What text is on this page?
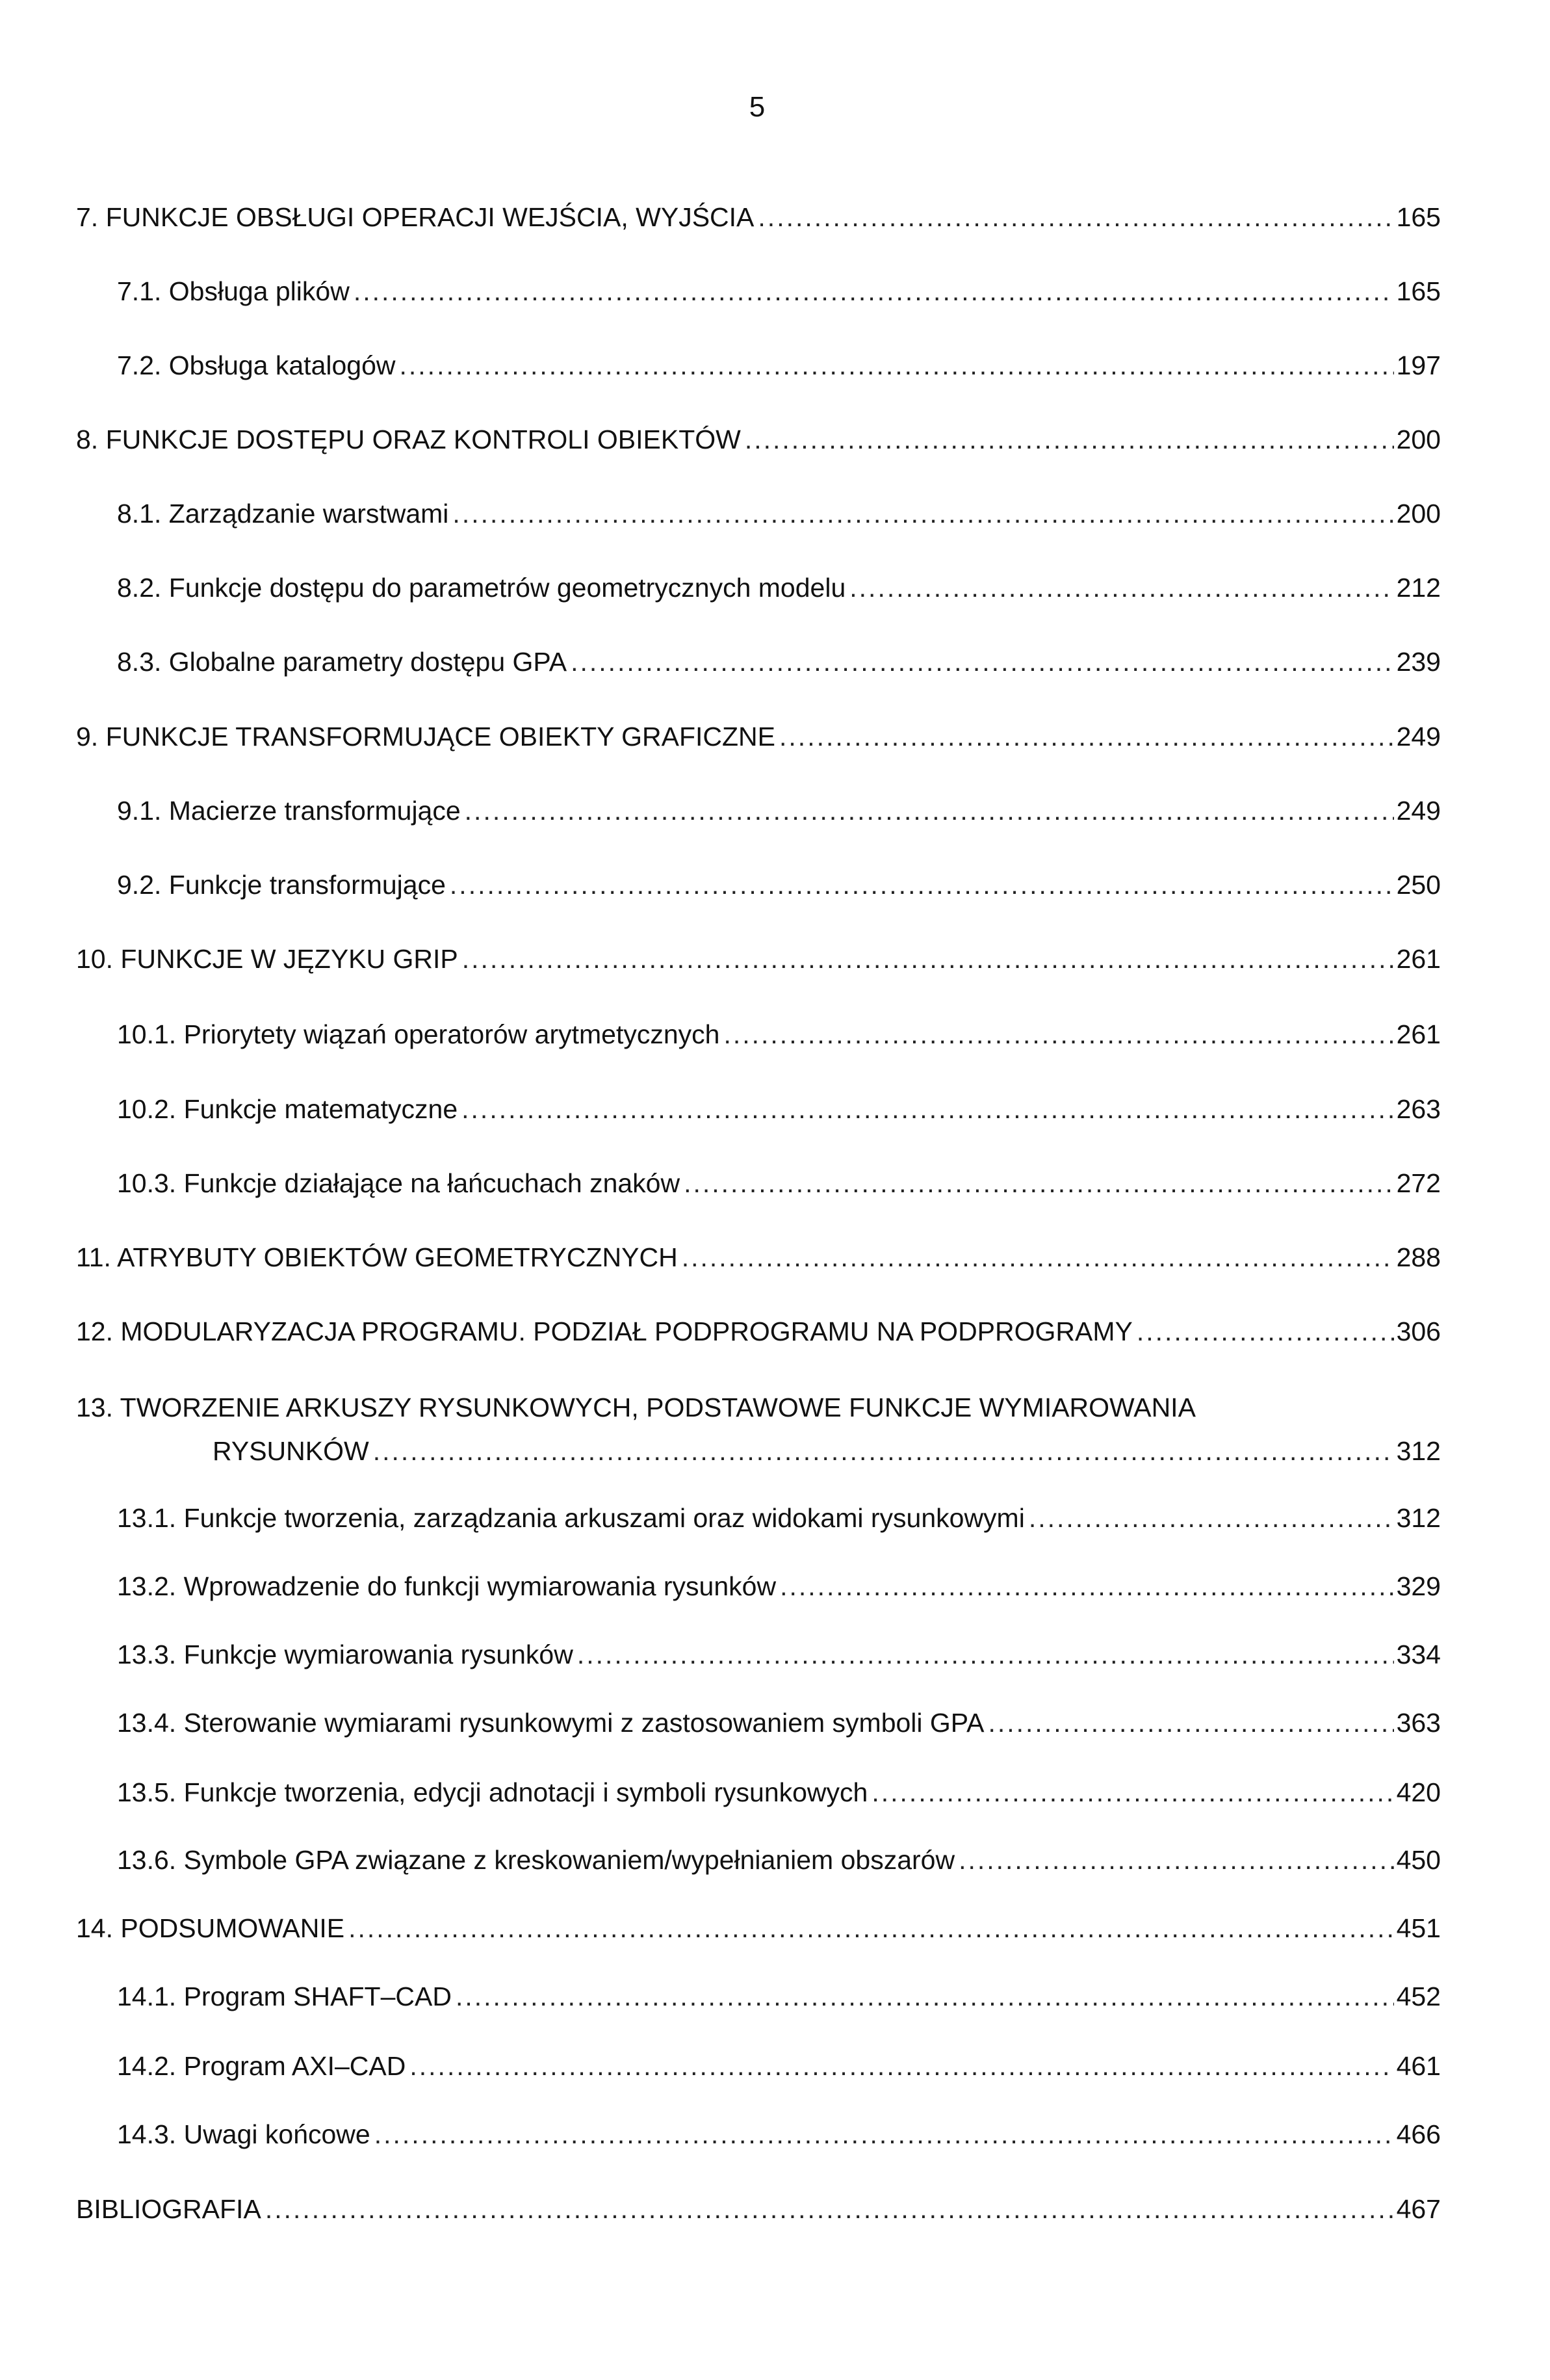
5
7. FUNKCJE OBSŁUGI OPERACJI WEJŚCIA, WYJŚCIA .....	165
7.1. Obsługa plików .....	165
7.2. Obsługa katalogów .....	197
8. FUNKCJE DOSTĘPU ORAZ KONTROLI OBIEKTÓW .....	200
8.1. Zarządzanie warstwami .....	200
8.2. Funkcje dostępu do parametrów geometrycznych modelu .....	212
8.3. Globalne parametry dostępu GPA .....	239
9. FUNKCJE TRANSFORMUJĄCE OBIEKTY GRAFICZNE .....	249
9.1. Macierze transformujące .....	249
9.2. Funkcje transformujące .....	250
10. FUNKCJE W JĘZYKU GRIP .....	261
10.1. Priorytety wiązań operatorów arytmetycznych .....	261
10.2. Funkcje matematyczne .....	263
10.3. Funkcje działające na łańcuchach znaków .....	272
11. ATRYBUTY OBIEKTÓW GEOMETRYCZNYCH .....	288
12. MODULARYZACJA PROGRAMU. PODZIAŁ PODPROGRAMU NA PODPROGRAMY .....	306
13. TWORZENIE ARKUSZY RYSUNKOWYCH, PODSTAWOWE FUNKCJE WYMIAROWANIA
RYSUNKÓW .....	312
13.1. Funkcje tworzenia, zarządzania arkuszami oraz widokami rysunkowymi .....	312
13.2. Wprowadzenie do funkcji wymiarowania rysunków .....	329
13.3. Funkcje wymiarowania rysunków .....	334
13.4. Sterowanie wymiarami rysunkowymi z zastosowaniem symboli GPA .....	363
13.5. Funkcje tworzenia, edycji adnotacji i symboli rysunkowych .....	420
13.6. Symbole GPA związane z kreskowaniem/wypełnianiem obszarów .....	450
14. PODSUMOWANIE .....	451
14.1. Program SHAFT–CAD .....	452
14.2. Program AXI–CAD .....	461
14.3. Uwagi końcowe .....	466
BIBLIOGRAFIA .....	467
